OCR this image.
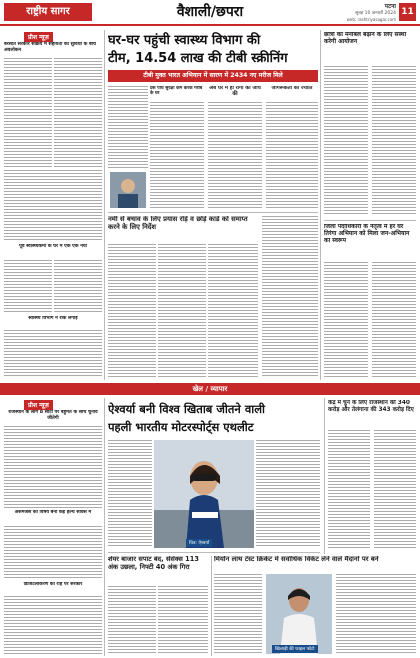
राष्ट्रीय सागर	वैशाली/छपरा	पटना
सुबह 10 जनवरी 2024
web: rashtriyasagar.com
11
प्रीश न्यूज़
बरसात सरकार सक्रिय में सहायता की सुविधा के बीच अवलोकन
पूर्व स्वास्थ्यकर्मी के घर में एक एक नया
स्वास्थ्य विभाग ने रोक लगाई
घर-घर पहुंची स्वास्थ्य विभाग की
टीम, 14.54 लाख की टीबी स्क्रीनिंग
टीबी मुक्त भारत अभियान में सारण में 2434 नए मरीज मिले
प्रैस पौधे सुरक्षा कम करके गरीब के घर
अब घर में ही रोगी की जांच की
जागरूकता की ज्योति
नमी से बचाव के लिए प्रयास रोड़े व छोड़े कार्ड को समाप्त करने के लिए निर्देश
छात्रों का मनोबल बढ़ाने के लिए संस्था करेगी आयोजन
जिला पदाधिकारी के नेतृत्व में हर घर तिरंगा अभियान को मिला जन-अभियान का स्वरूप
खेल / व्यापार
प्रीश न्यूज़
राजस्थान के लोग 8 सीटों पर बहुमत के साथ चुनाव जीतेगी
असमंजस का विषय बना कई हेल्थ सर्विस में
डिजिटलीकरण की राह पर सरकार
ऐश्वर्या बनी विश्व खिताब जीतने वाली
पहली भारतीय मोटरस्पोर्ट्स एथलीट
चित्र: ऐश्वर्या
शेयर बाजार सपाट बंद, सेंसेक्स 113 अंक उछला, निफ्टी 40 अंक गिरा
मियोन लाथ टेस्ट क्रिकेट में सर्वाधिक विकेट लेने वाले मैदानों पर बने
खिलाड़ी की फाइल फोटो
केंद्र में चुने के लिए राजस्थान की 340 करोड़ और तेलंगाना की 343 करोड़ दिए
